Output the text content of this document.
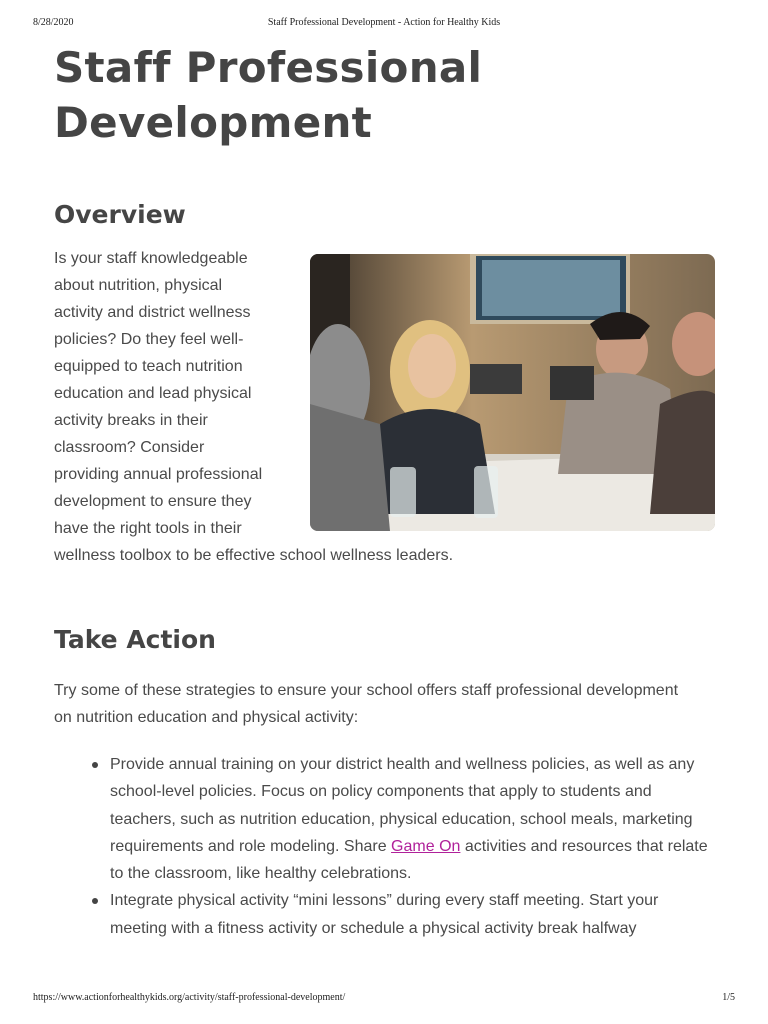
8/28/2020	Staff Professional Development - Action for Healthy Kids
Staff Professional Development
Overview
Is your staff knowledgeable
about nutrition, physical
activity and district wellness
policies? Do they feel well-
equipped to teach nutrition
education and lead physical
activity breaks in their
classroom? Consider
providing annual professional
development to ensure they
have the right tools in their
wellness toolbox to be effective school wellness leaders.
Take Action

Try some of these strategies to ensure your school offers staff professional development on nutrition education and physical activity:

Provide annual training on your district health and wellness policies, as well as any school-level policies. Focus on policy components that apply to students and teachers, such as nutrition education, physical education, school meals, marketing requirements and role modeling. Share Game On activities and resources that relate to the classroom, like healthy celebrations.
Integrate physical activity “mini lessons” during every staff meeting. Start your meeting with a fitness activity or schedule a physical activity break halfway
https://www.actionforhealthykids.org/activity/staff-professional-development/	1/5
